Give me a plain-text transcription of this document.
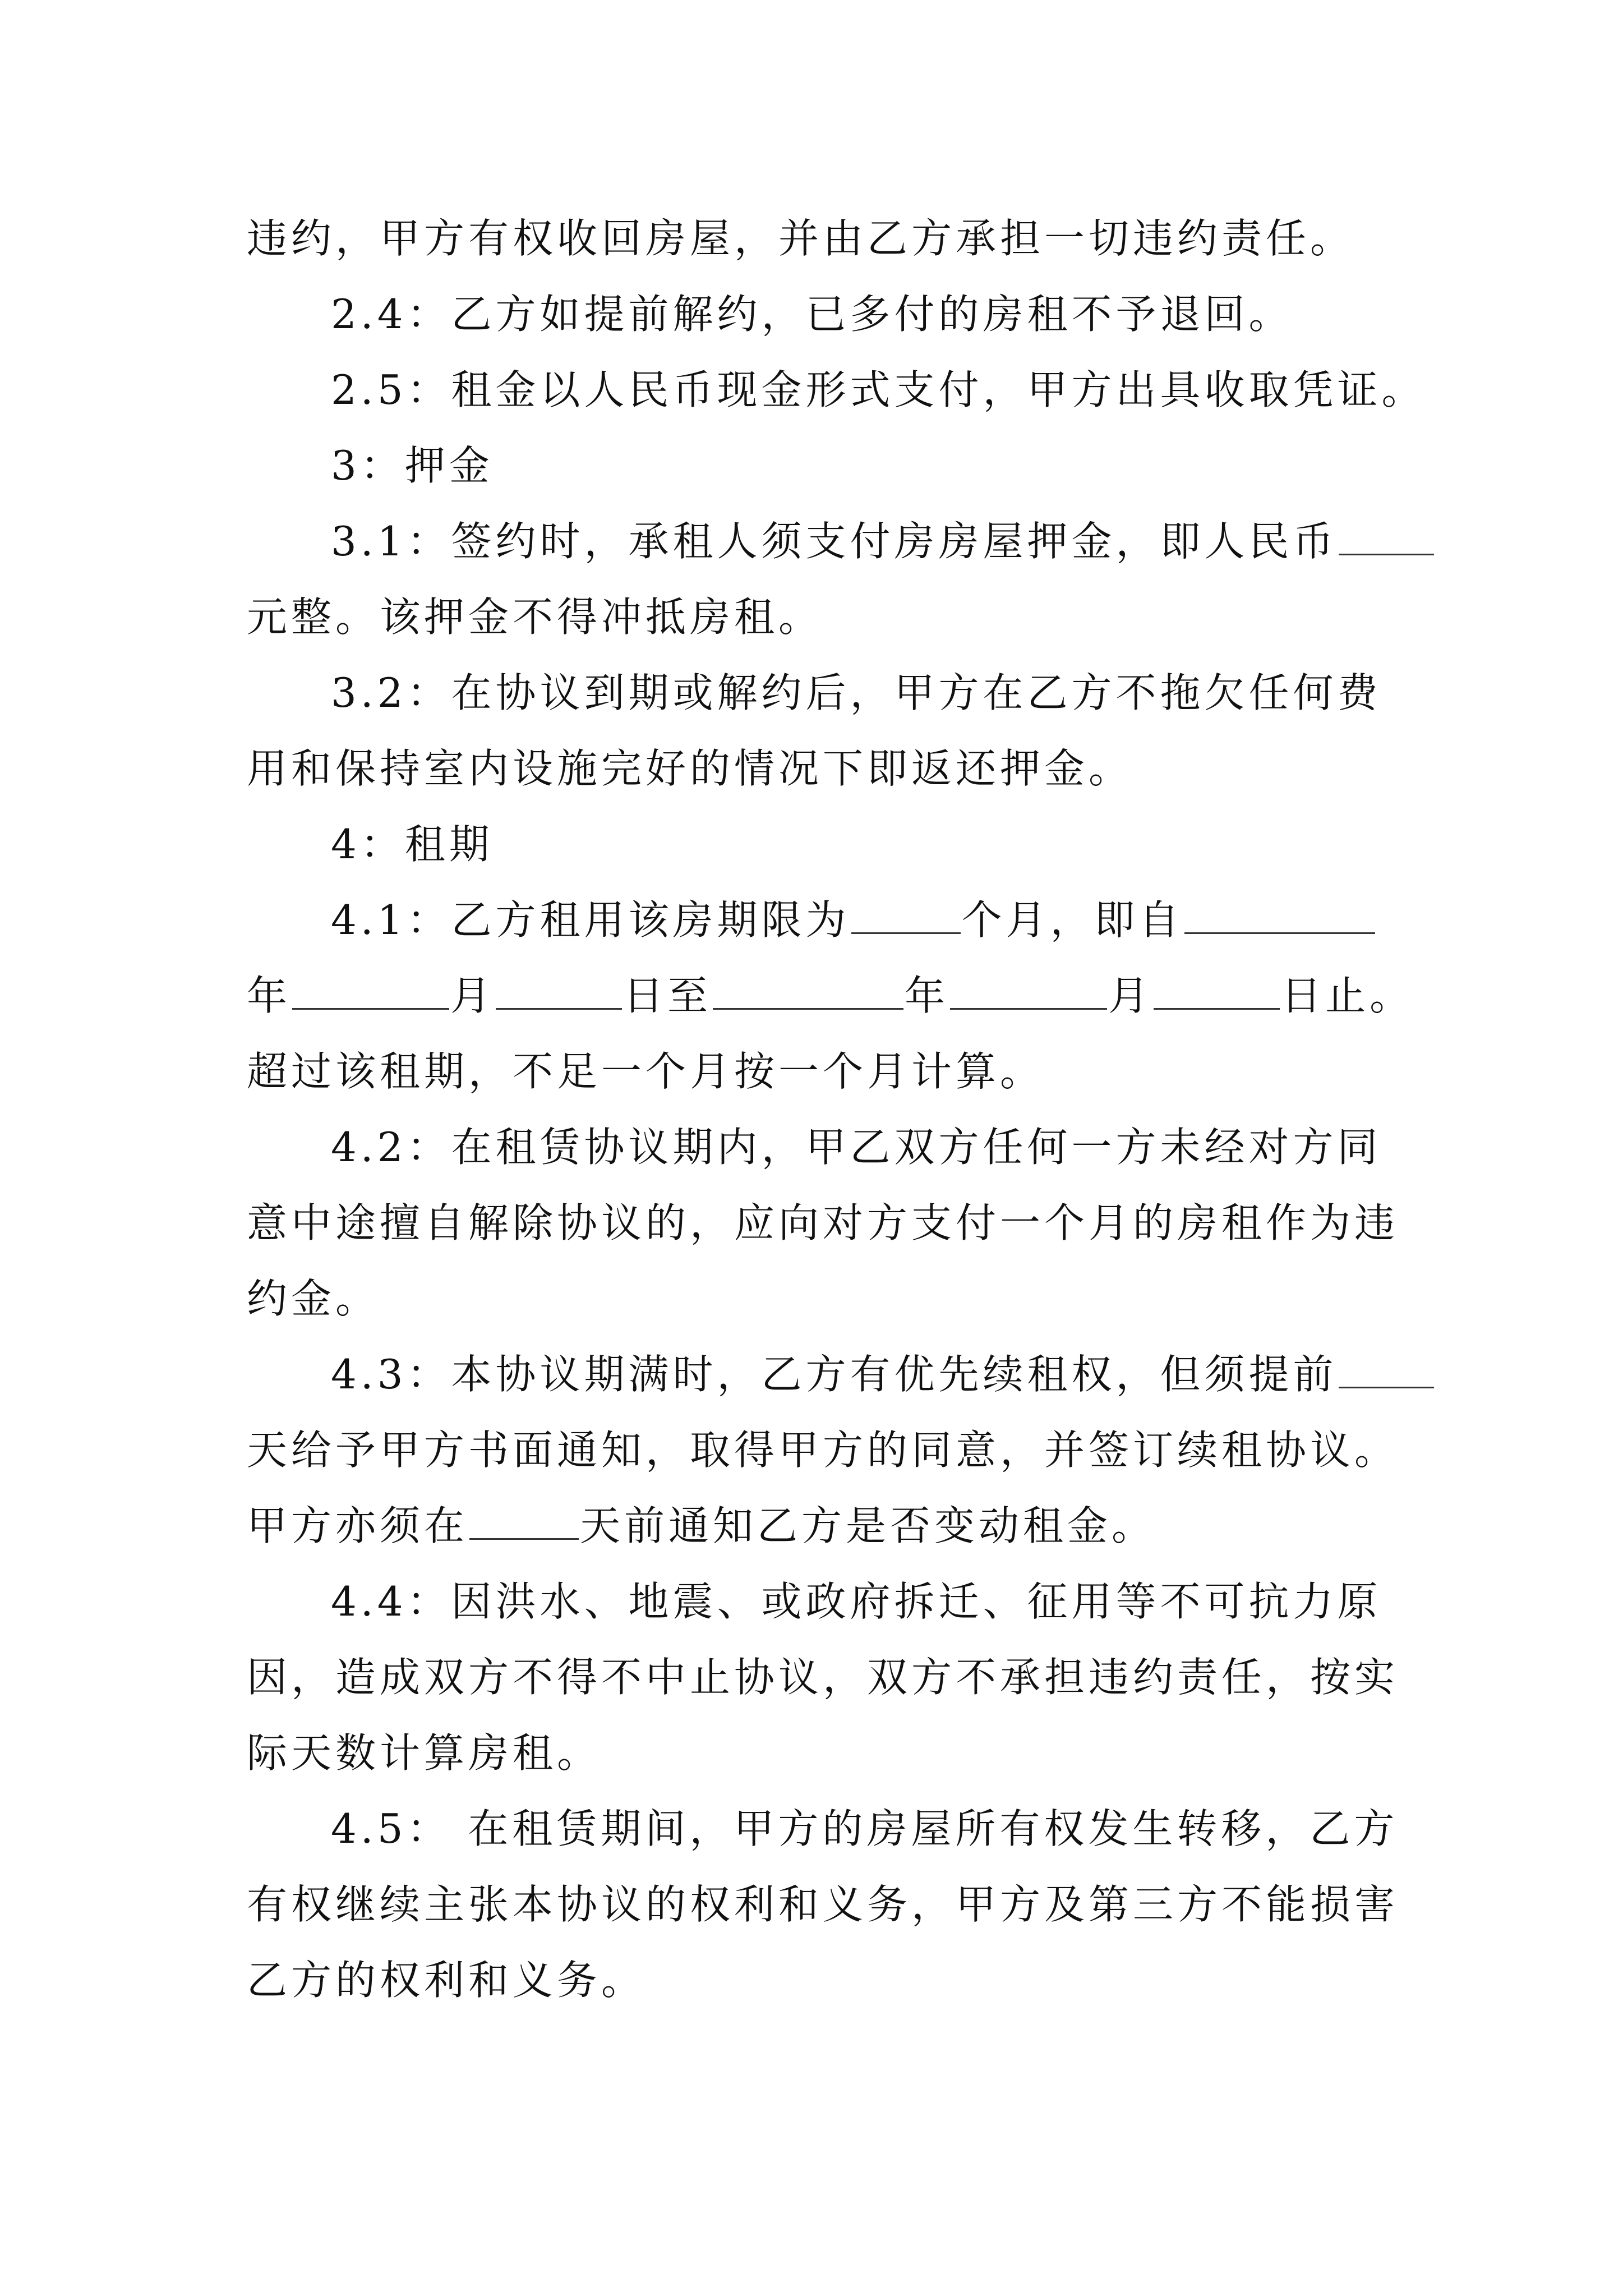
违约，甲方有权收回房屋，并由乙方承担一切违约责任。
2.4：乙方如提前解约，已多付的房租不予退回。
2.5：租金以人民币现金形式支付，甲方出具收取凭证。
3：押金
3.1：签约时，承租人须支付房房屋押金，即人民币
元整。该押金不得冲抵房租。
3.2：在协议到期或解约后，甲方在乙方不拖欠任何费
用和保持室内设施完好的情况下即返还押金。
4：租期
4.1：乙方租用该房期限为	个月，即自
年	月	日至	年	月	日止。
超过该租期，不足一个月按一个月计算。
4.2：在租赁协议期内，甲乙双方任何一方未经对方同
意中途擅自解除协议的，应向对方支付一个月的房租作为违
约金。
4.3：本协议期满时，乙方有优先续租权，但须提前
天给予甲方书面通知，取得甲方的同意，并签订续租协议。
甲方亦须在	天前通知乙方是否变动租金。
4.4：因洪水、地震、或政府拆迁、征用等不可抗力原
因，造成双方不得不中止协议，双方不承担违约责任，按实
际天数计算房租。
4.5： 在租赁期间，甲方的房屋所有权发生转移，乙方
有权继续主张本协议的权利和义务，甲方及第三方不能损害
乙方的权利和义务。
